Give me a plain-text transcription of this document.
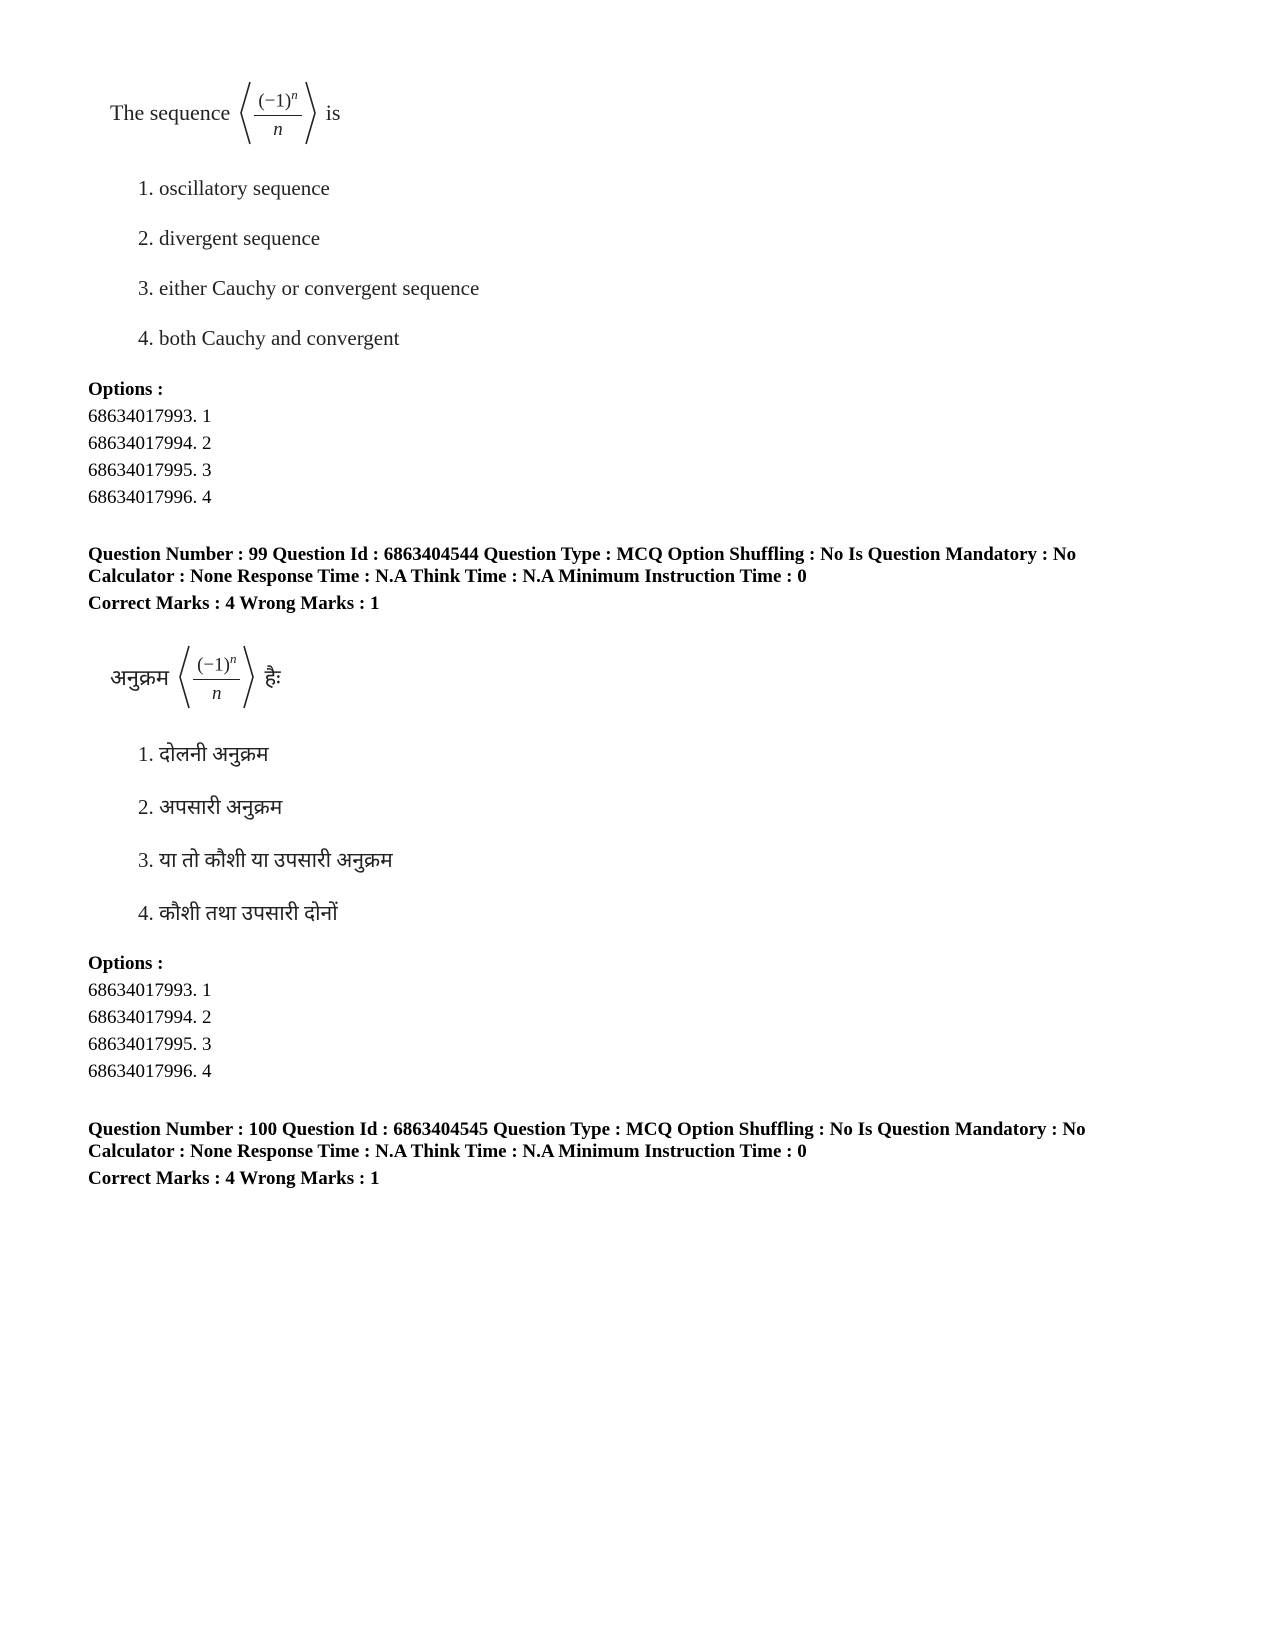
The sequence $\frac{(-1)^n}{n}$ is
1. oscillatory sequence
2. divergent sequence
3. either Cauchy or convergent sequence
4. both Cauchy and convergent
Options :
68634017993. 1
68634017994. 2
68634017995. 3
68634017996. 4
Question Number : 99 Question Id : 6863404544 Question Type : MCQ Option Shuffling : No Is Question Mandatory : No
Calculator : None Response Time : N.A Think Time : N.A Minimum Instruction Time : 0
Correct Marks : 4 Wrong Marks : 1
अनुक्रम $\frac{(-1)^n}{n}$ हैः
1. दोलनी अनुक्रम
2. अपसारी अनुक्रम
3. या तो कौशी या उपसारी अनुक्रम
4. कौशी तथा उपसारी दोनों
Options :
68634017993. 1
68634017994. 2
68634017995. 3
68634017996. 4
Question Number : 100 Question Id : 6863404545 Question Type : MCQ Option Shuffling : No Is Question Mandatory : No
Calculator : None Response Time : N.A Think Time : N.A Minimum Instruction Time : 0
Correct Marks : 4 Wrong Marks : 1
